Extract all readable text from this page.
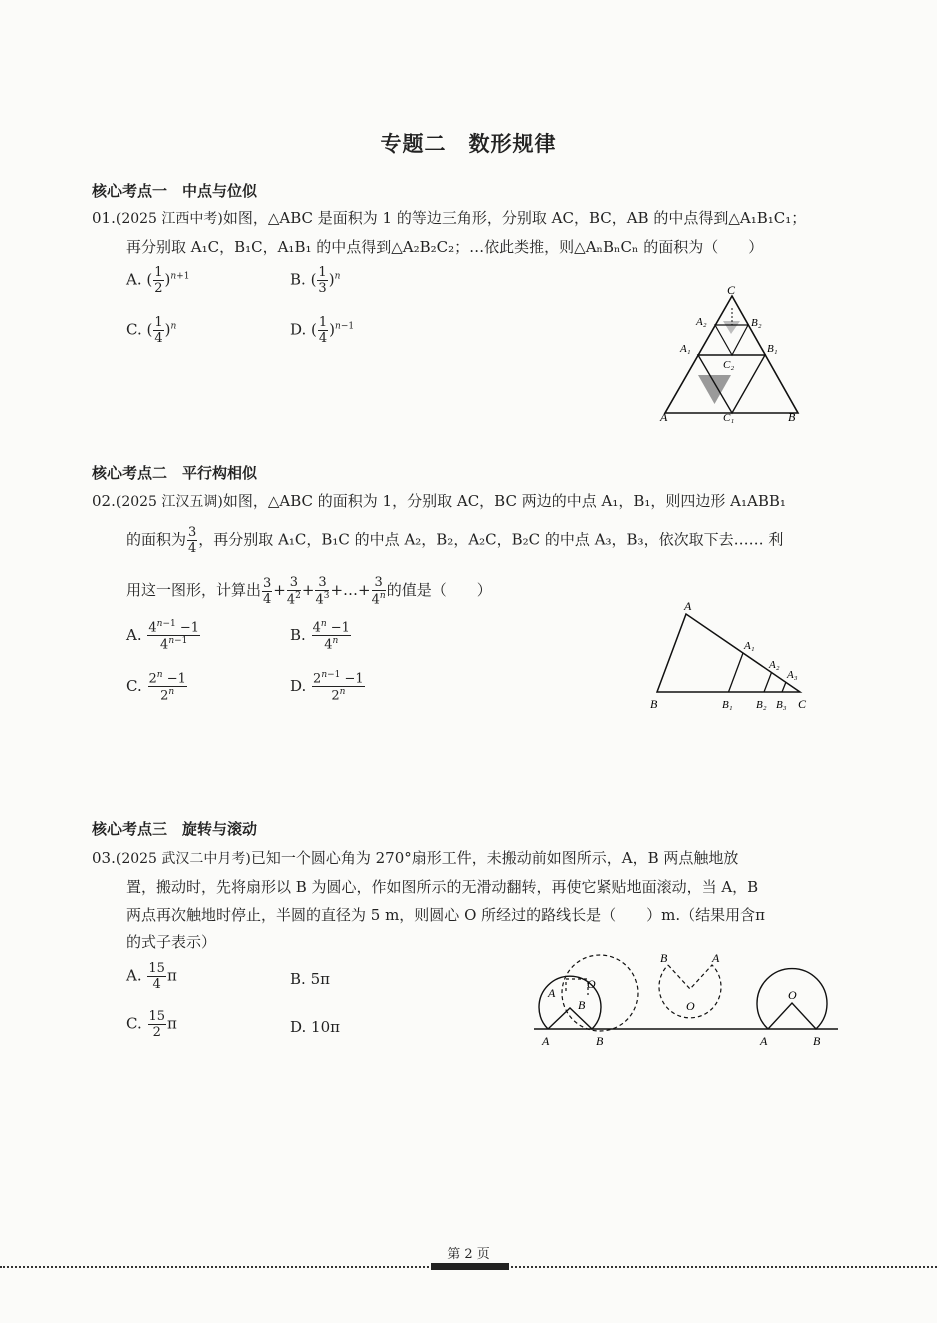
专题二　数形规律
核心考点一　中点与位似
01.(2025 江西中考)如图，△ABC 是面积为 1 的等边三角形，分别取 AC，BC，AB 的中点得到△A₁B₁C₁；
再分别取 A₁C，B₁C，A₁B₁ 的中点得到△A₂B₂C₂；…依此类推，则△AₙBₙCₙ 的面积为（　　）
A. ( $\frac{1}{2} )^{n+1}$	B. ( $\frac{1}{3} )^n$
C. ( $\frac{1}{4} )^n$	D. ( $\frac{1}{4} )^{n-1}$
C
A₂	B₂
A₁	B₁
C₂
A	C₁	B
核心考点二　平行构相似
02.(2025 江汉五调)如图，△ABC 的面积为 1，分别取 AC，BC 两边的中点 A₁，B₁，则四边形 A₁ABB₁
的面积为 $\frac{3}{4}$ ，再分别取 A₁C，B₁C 的中点 A₂，B₂，A₂C，B₂C 的中点 A₃，B₃，依次取下去…… 利
用这一图形，计算出 $\frac{3}{4} + \frac{3}{4^2} + \frac{3}{4^3}$ +…+ $\frac{3}{4^n}$ 的值是（　　）
A. $\frac{4^{n-1} -1}{4^{n-1}}$	B. $\frac{4^n -1}{4^n}$
C. $\frac{2^n -1}{2^n}$	D. $\frac{2^{n-1} -1}{2^n}$
A
A₁
A₂
A₃
B	B₁ B₂ B₃ C
核心考点三　旋转与滚动
03.(2025 武汉二中月考)已知一个圆心角为 270°扇形工件，未搬动前如图所示，A，B 两点触地放
置，搬动时，先将扇形以 B 为圆心，作如图所示的无滑动翻转，再使它紧贴地面滚动，当 A，B
两点再次触地时停止，半圆的直径为 5 m，则圆心 O 所经过的路线长是（　　）m.（结果用含π
的式子表示）
A. $\frac{15}{4}$ π	B. 5π
C. $\frac{15}{2}$ π	D. 10π
A
O
B
A	B
B	A
O
O
A	B
第 2 页
